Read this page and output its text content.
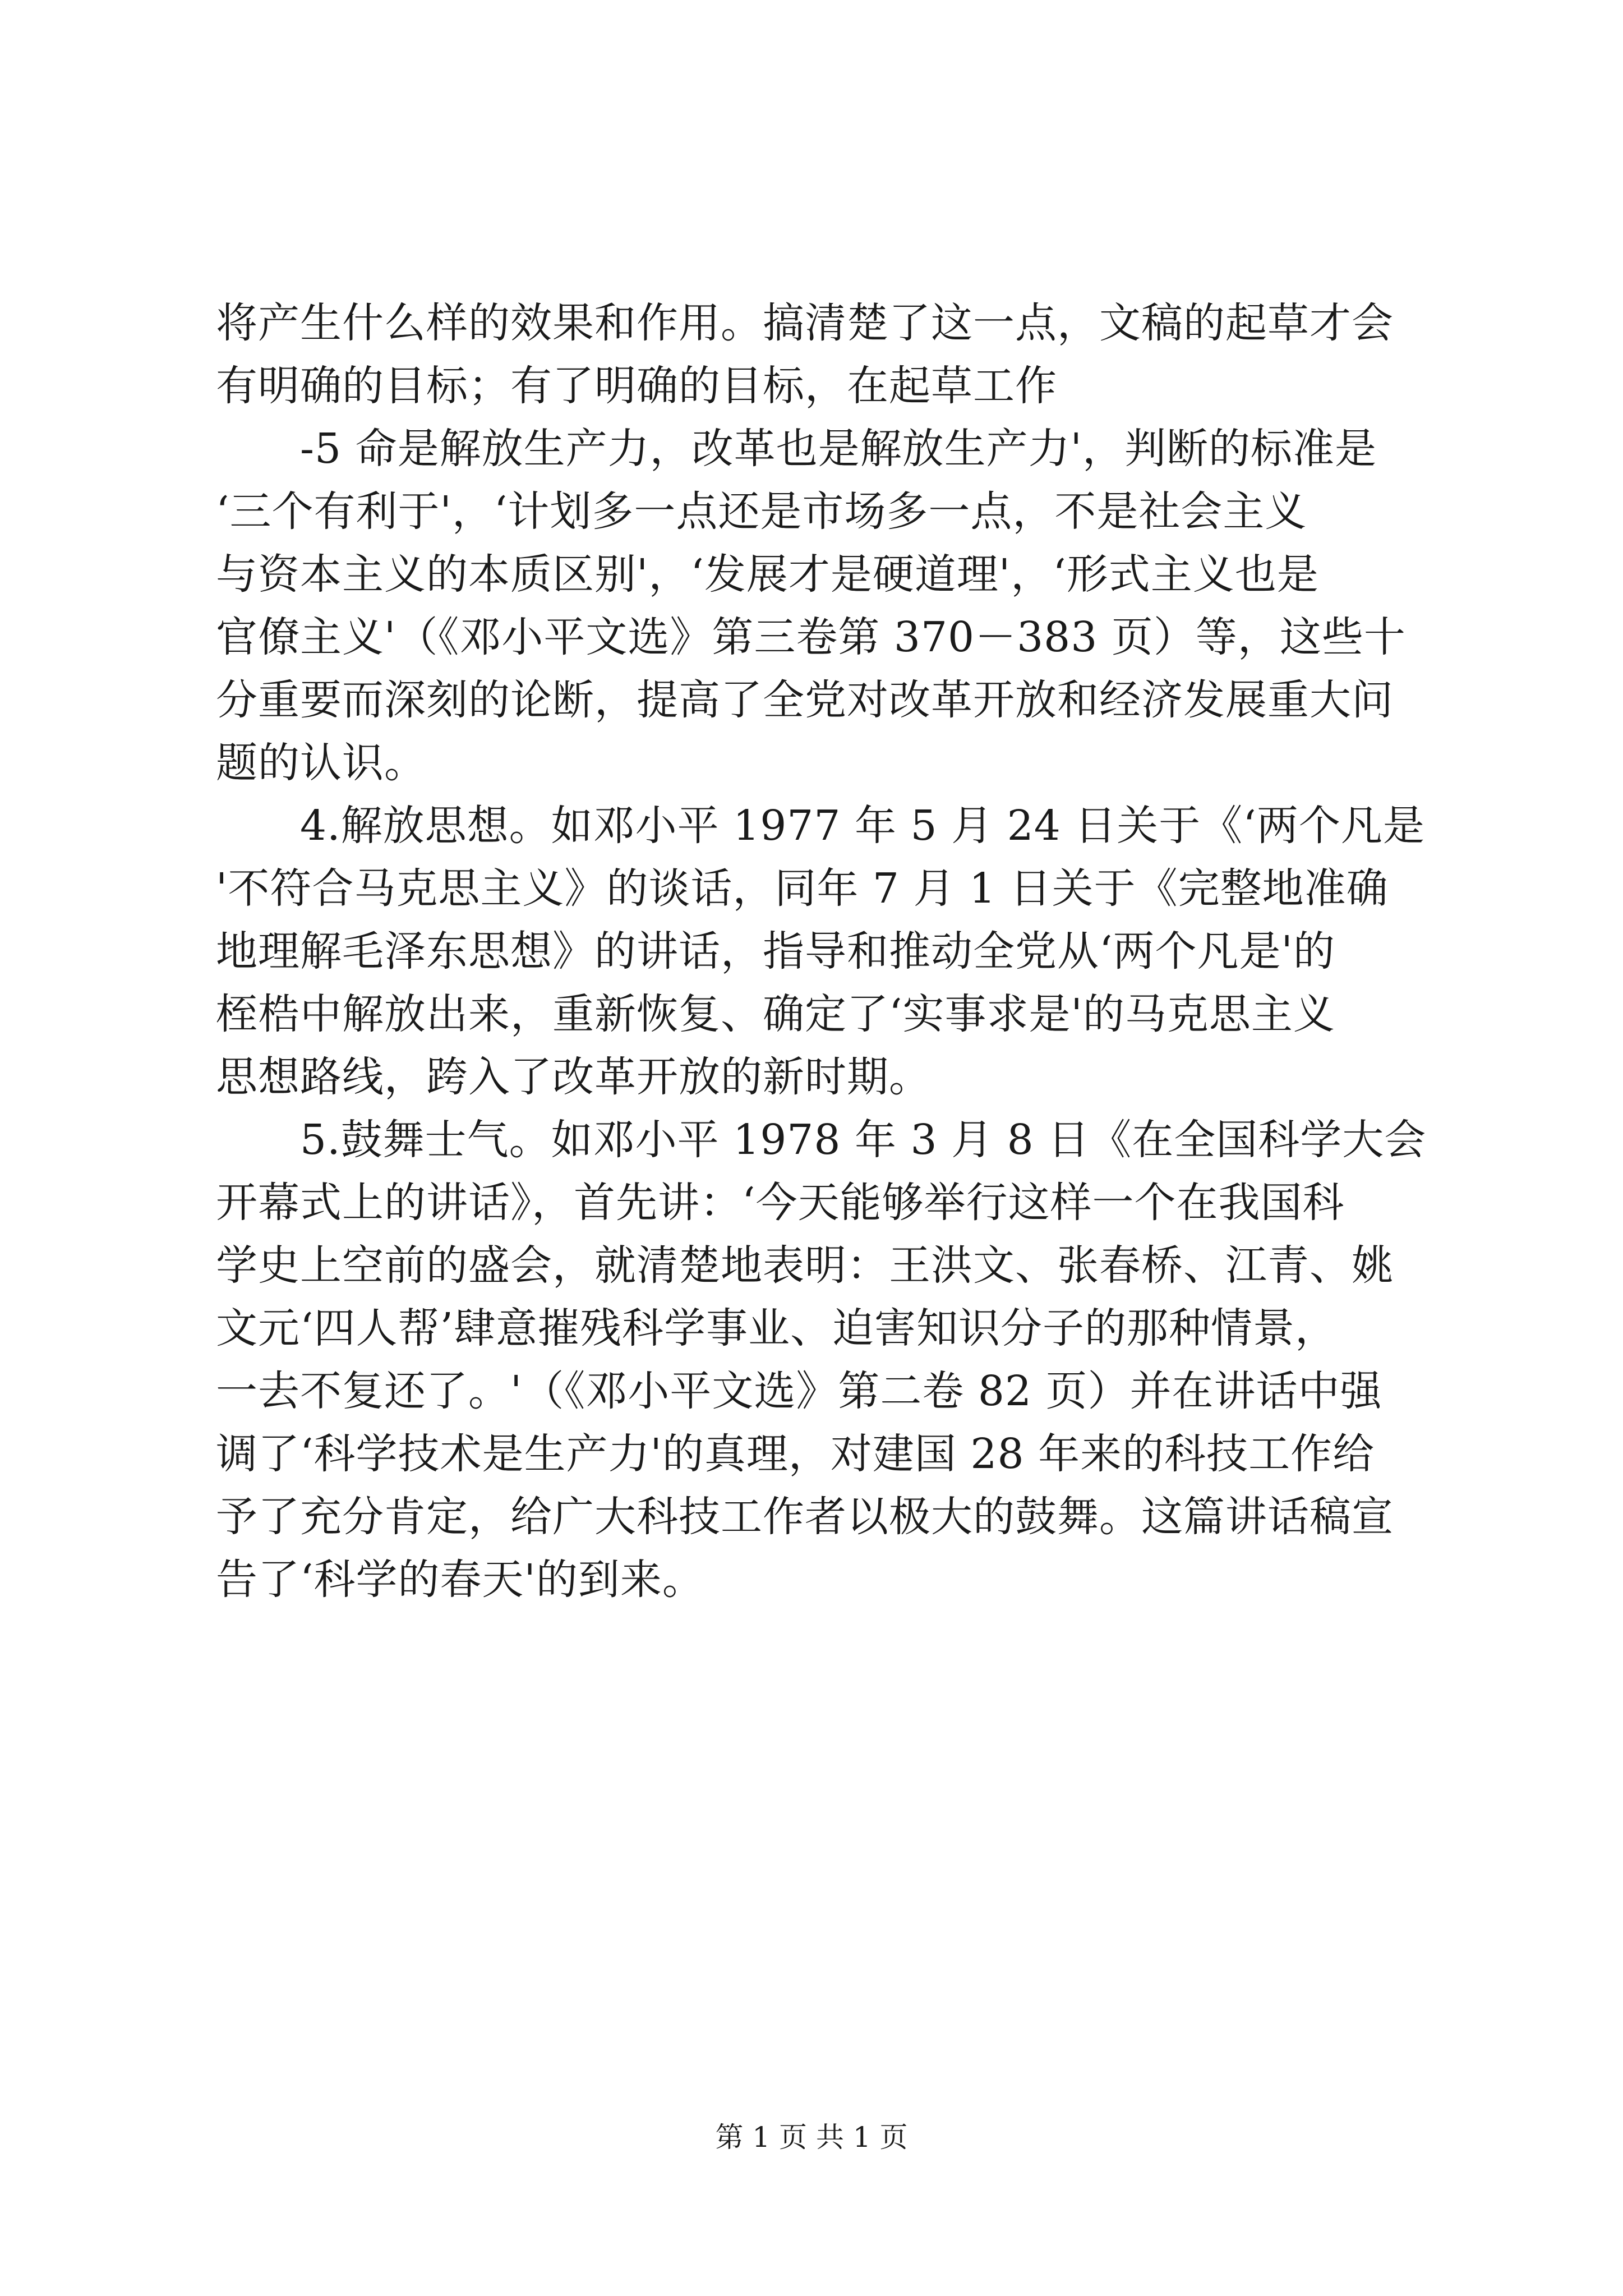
将产生什么样的效果和作用。搞清楚了这一点，文稿的起草才会
有明确的目标；有了明确的目标，在起草工作
-5 命是解放生产力，改革也是解放生产力'，判断的标准是
‘三个有利于'，‘计划多一点还是市场多一点，不是社会主义
与资本主义的本质区别'，‘发展才是硬道理'，‘形式主义也是
官僚主义'（《邓小平文选》第三卷第 370－383 页）等，这些十
分重要而深刻的论断，提高了全党对改革开放和经济发展重大问
题的认识。
4.解放思想。如邓小平 1977 年 5 月 24 日关于《‘两个凡是
'不符合马克思主义》的谈话，同年 7 月 1 日关于《完整地准确
地理解毛泽东思想》的讲话，指导和推动全党从‘两个凡是'的
桎梏中解放出来，重新恢复、确定了‘实事求是'的马克思主义
思想路线，跨入了改革开放的新时期。
5.鼓舞士气。如邓小平 1978 年 3 月 8 日《在全国科学大会
开幕式上的讲话》，首先讲：‘今天能够举行这样一个在我国科
学史上空前的盛会，就清楚地表明：王洪文、张春桥、江青、姚
文元‘四人帮’肆意摧残科学事业、迫害知识分子的那种情景，
一去不复还了。'（《邓小平文选》第二卷 82 页）并在讲话中强
调了‘科学技术是生产力'的真理，对建国 28 年来的科技工作给
予了充分肯定，给广大科技工作者以极大的鼓舞。这篇讲话稿宣
告了‘科学的春天'的到来。
第 1 页 共 1 页
